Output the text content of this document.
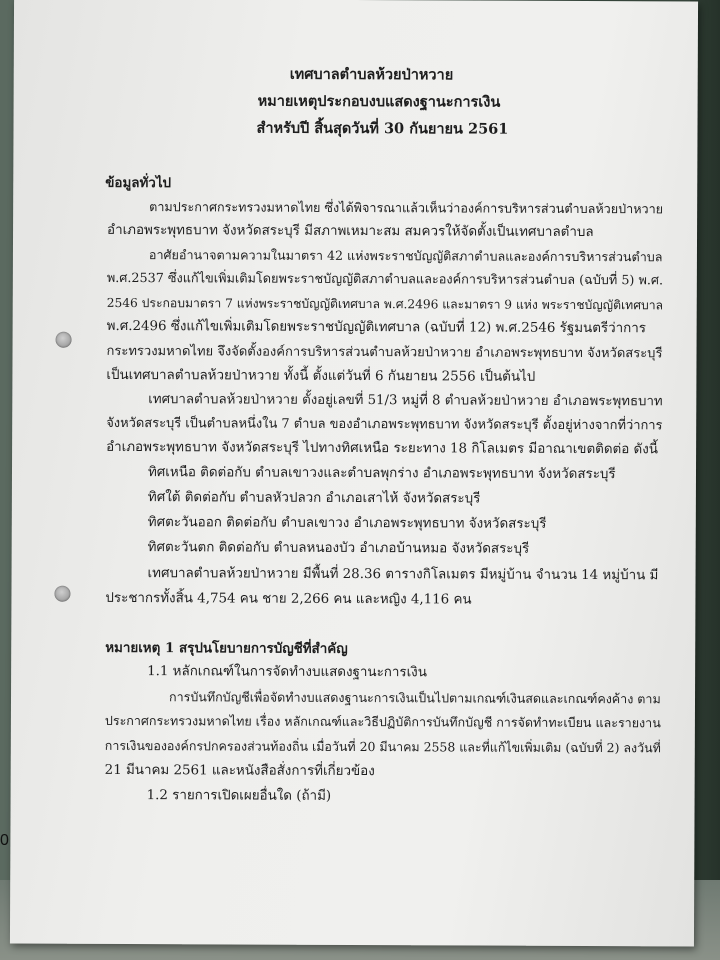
0
เทศบาลตำบลห้วยป่าหวาย
หมายเหตุประกอบงบแสดงฐานะการเงิน
สำหรับปี สิ้นสุดวันที่ 30 กันยายน 2561
ข้อมูลทั่วไป
ตามประกาศกระทรวงมหาดไทย ซึ่งได้พิจารณาแล้วเห็นว่าองค์การบริหารส่วนตำบลห้วยป่าหวาย
อำเภอพระพุทธบาท จังหวัดสระบุรี มีสภาพเหมาะสม สมควรให้จัดตั้งเป็นเทศบาลตำบล
อาศัยอำนาจตามความในมาตรา 42 แห่งพระราชบัญญัติสภาตำบลและองค์การบริหารส่วนตำบล
พ.ศ.2537 ซึ่งแก้ไขเพิ่มเติมโดยพระราชบัญญัติสภาตำบลและองค์การบริหารส่วนตำบล (ฉบับที่ 5) พ.ศ.
2546 ประกอบมาตรา 7 แห่งพระราชบัญญัติเทศบาล พ.ศ.2496 และมาตรา 9 แห่ง พระราชบัญญัติเทศบาล
พ.ศ.2496 ซึ่งแก้ไขเพิ่มเติมโดยพระราชบัญญัติเทศบาล (ฉบับที่ 12) พ.ศ.2546 รัฐมนตรีว่าการ
กระทรวงมหาดไทย จึงจัดตั้งองค์การบริหารส่วนตำบลห้วยป่าหวาย อำเภอพระพุทธบาท จังหวัดสระบุรี
เป็นเทศบาลตำบลห้วยป่าหวาย ทั้งนี้ ตั้งแต่วันที่ 6 กันยายน 2556 เป็นต้นไป
เทศบาลตำบลห้วยป่าหวาย ตั้งอยู่เลขที่ 51/3 หมู่ที่ 8 ตำบลห้วยป่าหวาย อำเภอพระพุทธบาท
จังหวัดสระบุรี เป็นตำบลหนึ่งใน 7 ตำบล ของอำเภอพระพุทธบาท จังหวัดสระบุรี ตั้งอยู่ห่างจากที่ว่าการ
อำเภอพระพุทธบาท จังหวัดสระบุรี ไปทางทิศเหนือ ระยะทาง 18 กิโลเมตร มีอาณาเขตติดต่อ ดังนี้
ทิศเหนือ ติดต่อกับ ตำบลเขาวงและตำบลพุกร่าง อำเภอพระพุทธบาท จังหวัดสระบุรี
ทิศใต้ ติดต่อกับ ตำบลหัวปลวก อำเภอเสาไห้ จังหวัดสระบุรี
ทิศตะวันออก ติดต่อกับ ตำบลเขาวง อำเภอพระพุทธบาท จังหวัดสระบุรี
ทิศตะวันตก ติดต่อกับ ตำบลหนองบัว อำเภอบ้านหมอ จังหวัดสระบุรี
เทศบาลตำบลห้วยป่าหวาย มีพื้นที่ 28.36 ตารางกิโลเมตร มีหมู่บ้าน จำนวน 14 หมู่บ้าน มี
ประชากรทั้งสิ้น 4,754 คน ชาย 2,266 คน และหญิง 4,116 คน
หมายเหตุ 1 สรุปนโยบายการบัญชีที่สำคัญ
1.1 หลักเกณฑ์ในการจัดทำงบแสดงฐานะการเงิน
การบันทึกบัญชีเพื่อจัดทำงบแสดงฐานะการเงินเป็นไปตามเกณฑ์เงินสดและเกณฑ์คงค้าง ตาม
ประกาศกระทรวงมหาดไทย เรื่อง หลักเกณฑ์และวิธีปฏิบัติการบันทึกบัญชี การจัดทำทะเบียน และรายงาน
การเงินขององค์กรปกครองส่วนท้องถิ่น เมื่อวันที่ 20 มีนาคม 2558 และที่แก้ไขเพิ่มเติม (ฉบับที่ 2) ลงวันที่
21 มีนาคม 2561 และหนังสือสั่งการที่เกี่ยวข้อง
1.2 รายการเปิดเผยอื่นใด (ถ้ามี)
